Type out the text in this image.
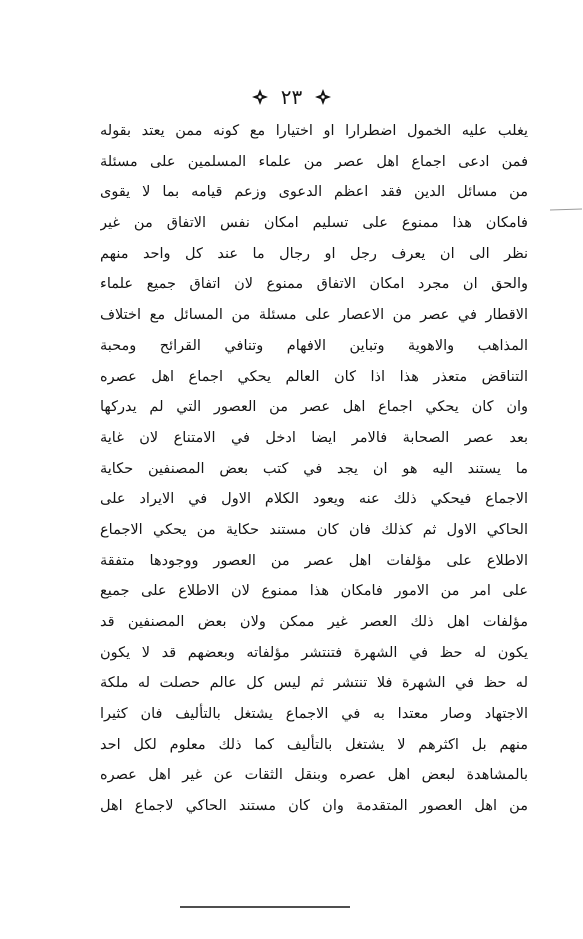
٢٣
يغلب عليه الخمول اضطرارا او اختيارا مع كونه ممن يعتد بقوله
فمن ادعى اجماع اهل عصر من علماء المسلمين على مسئلة
من مسائل الدين فقد اعظم الدعوى وزعم قيامه بما لا يقوى
فامكان هذا ممنوع على تسليم امكان نفس الاتفاق من غير
نظر الى ان يعرف رجل او رجال ما عند كل واحد منهم
والحق ان مجرد امكان الاتفاق ممنوع لان اتفاق جميع علماء
الاقطار في عصر من الاعصار على مسئلة من المسائل مع اختلاف
المذاهب والاهوية وتباين الافهام وتنافي القرائح ومحبة
التناقض متعذر هذا اذا كان العالم يحكي اجماع اهل عصره
وان كان يحكي اجماع اهل عصر من العصور التي لم يدركها
بعد عصر الصحابة فالامر ايضا ادخل في الامتناع لان غاية
ما يستند اليه هو ان يجد في كتب بعض المصنفين حكاية
الاجماع فيحكي ذلك عنه ويعود الكلام الاول في الايراد على
الحاكي الاول ثم كذلك فان كان مستند حكاية من يحكي الاجماع
الاطلاع على مؤلفات اهل عصر من العصور ووجودها متفقة
على امر من الامور فامكان هذا ممنوع لان الاطلاع على جميع
مؤلفات اهل ذلك العصر غير ممكن ولان بعض المصنفين قد
يكون له حظ في الشهرة فتنتشر مؤلفاته وبعضهم قد لا يكون
له حظ في الشهرة فلا تنتشر ثم ليس كل عالم حصلت له ملكة
الاجتهاد وصار معتدا به في الاجماع يشتغل بالتأليف فان كثيرا
منهم بل اكثرهم لا يشتغل بالتأليف كما ذلك معلوم لكل احد
بالمشاهدة لبعض اهل عصره وبنقل الثقات عن غير اهل عصره
من اهل العصور المتقدمة وان كان مستند الحاكي لاجماع اهل
